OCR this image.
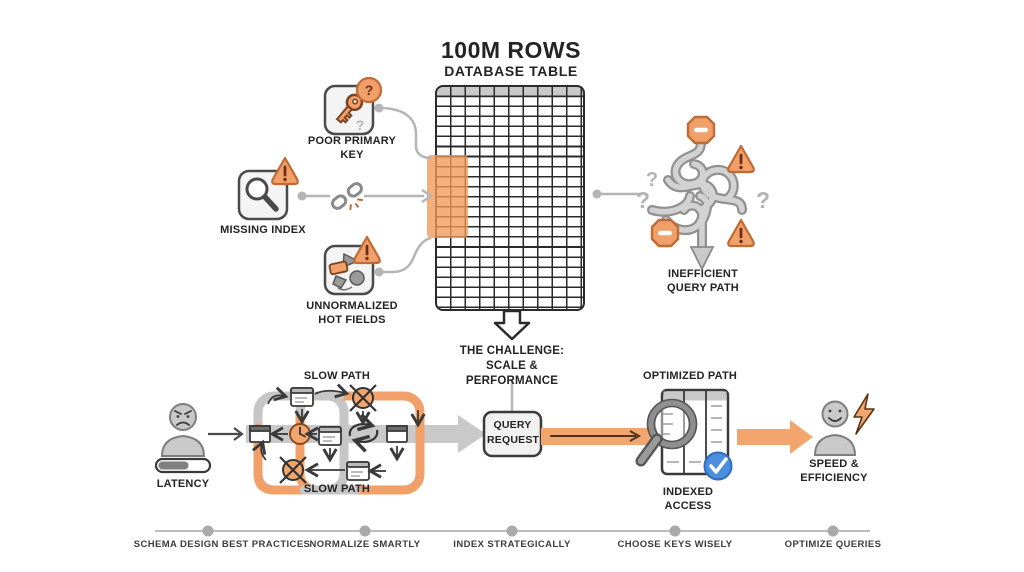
?
?
?
?	?
100M ROWS
DATABASE TABLE
POOR PRIMARY KEY
MISSING INDEX
UNNORMALIZED HOT FIELDS
INEFFICIENT QUERY PATH
THE CHALLENGE: SCALE & PERFORMANCE
SLOW PATH
SLOW PATH
LATENCY
QUERY REQUEST
OPTIMIZED PATH
INDEXED ACCESS
SPEED & EFFICIENCY
SCHEMA DESIGN BEST PRACTICES NORMALIZE SMARTLY	INDEX STRATEGICALLY	CHOOSE KEYS WISELY	OPTIMIZE QUERIES
